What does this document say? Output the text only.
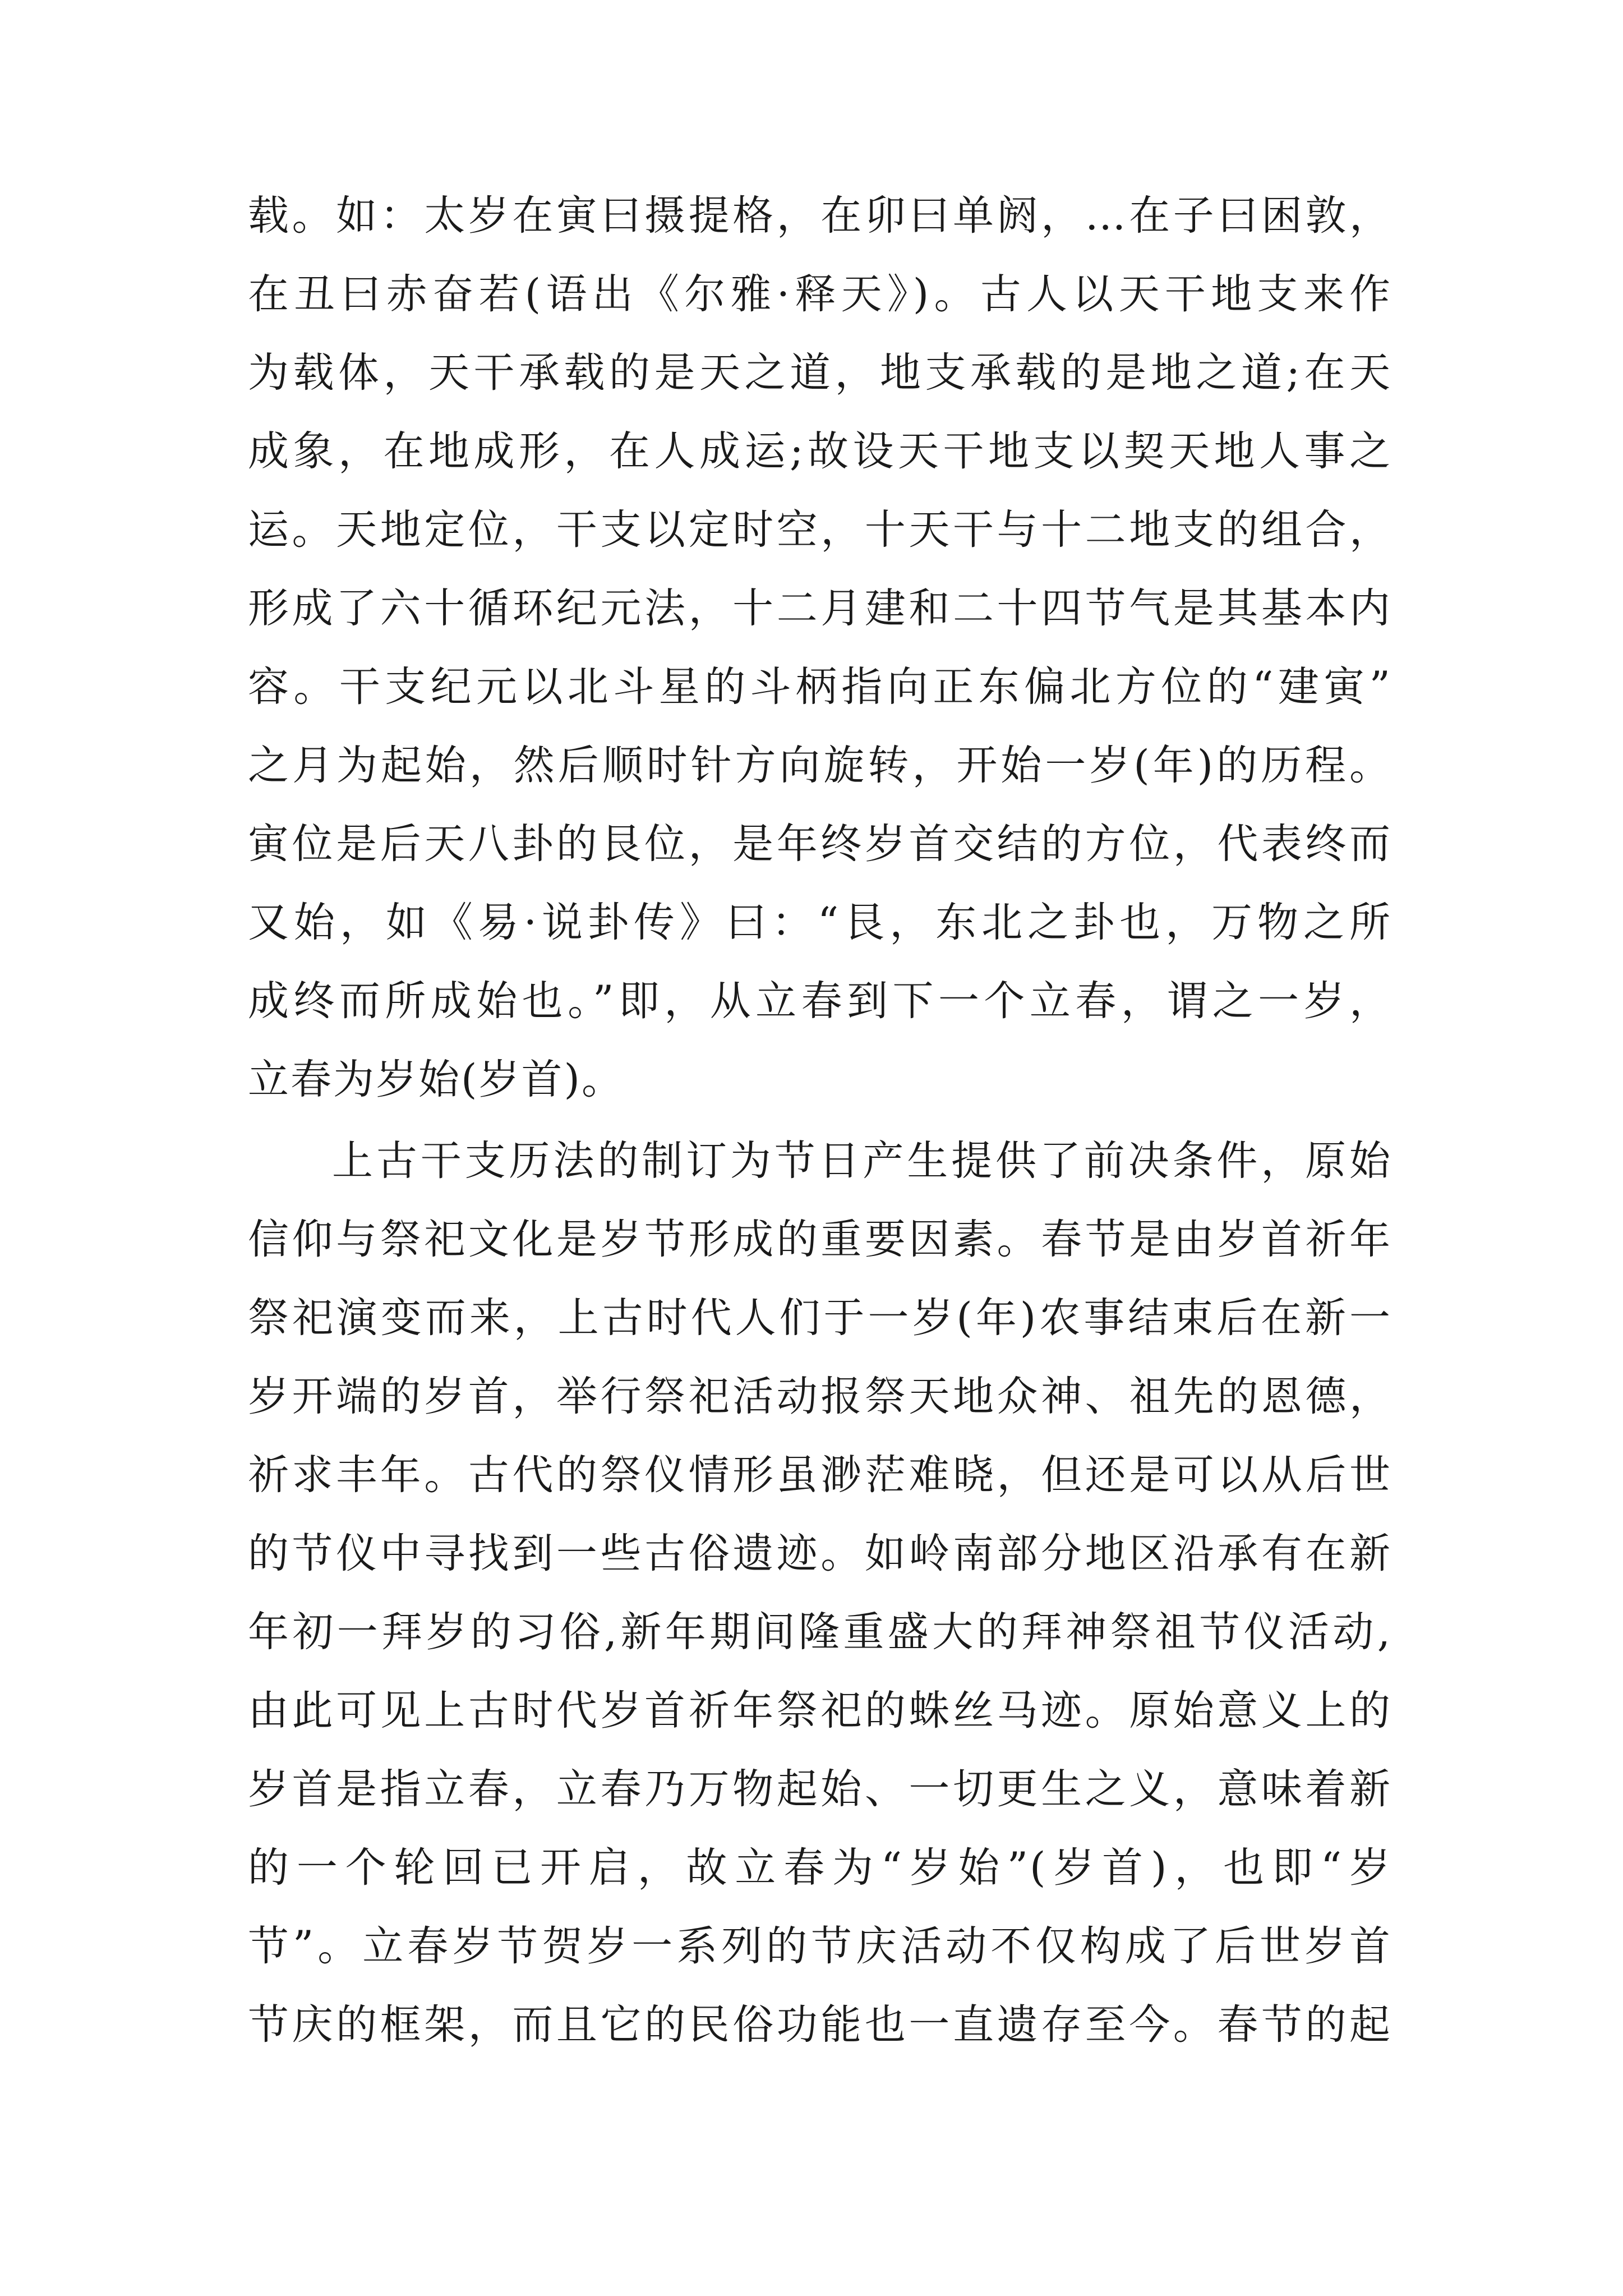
载。如：太岁在寅曰摄提格，在卯曰单阏，…在子曰困敦，
在丑曰赤奋若(语出《尔雅·释天》)。古人以天干地支来作
为载体，天干承载的是天之道，地支承载的是地之道;在天
成象，在地成形，在人成运;故设天干地支以契天地人事之
运。天地定位，干支以定时空，十天干与十二地支的组合，
形成了六十循环纪元法，十二月建和二十四节气是其基本内
容。干支纪元以北斗星的斗柄指向正东偏北方位的“建寅”
之月为起始，然后顺时针方向旋转，开始一岁(年)的历程。
寅位是后天八卦的艮位，是年终岁首交结的方位，代表终而
又始，如《易·说卦传》曰：“艮，东北之卦也，万物之所
成终而所成始也。”即，从立春到下一个立春，谓之一岁，
立春为岁始(岁首)。
上古干支历法的制订为节日产生提供了前决条件，原始
信仰与祭祀文化是岁节形成的重要因素。春节是由岁首祈年
祭祀演变而来，上古时代人们于一岁(年)农事结束后在新一
岁开端的岁首，举行祭祀活动报祭天地众神、祖先的恩德，
祈求丰年。古代的祭仪情形虽渺茫难晓，但还是可以从后世
的节仪中寻找到一些古俗遗迹。如岭南部分地区沿承有在新
年初一拜岁的习俗,新年期间隆重盛大的拜神祭祖节仪活动,
由此可见上古时代岁首祈年祭祀的蛛丝马迹。原始意义上的
岁首是指立春，立春乃万物起始、一切更生之义，意味着新
的一个轮回已开启，故立春为“岁始”(岁首)，也即“岁
节”。立春岁节贺岁一系列的节庆活动不仅构成了后世岁首
节庆的框架，而且它的民俗功能也一直遗存至今。春节的起
